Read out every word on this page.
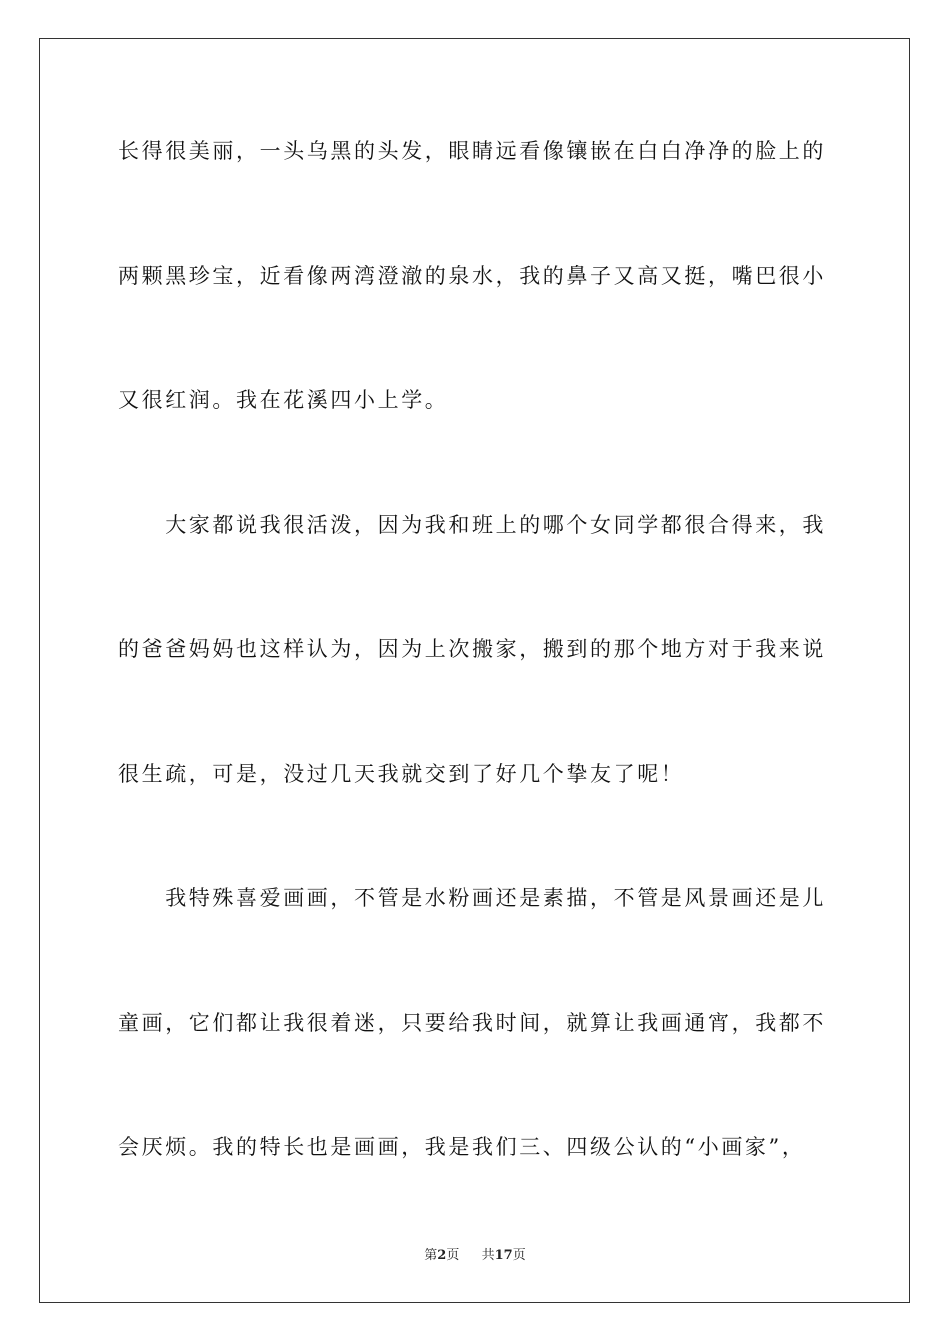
长得很美丽，一头乌黑的头发，眼睛远看像镶嵌在白白净净的脸上的
两颗黑珍宝，近看像两湾澄澈的泉水，我的鼻子又高又挺，嘴巴很小
又很红润。我在花溪四小上学。
　　大家都说我很活泼，因为我和班上的哪个女同学都很合得来，我
的爸爸妈妈也这样认为，因为上次搬家，搬到的那个地方对于我来说
很生疏，可是，没过几天我就交到了好几个挚友了呢！
　　我特殊喜爱画画，不管是水粉画还是素描，不管是风景画还是儿
童画，它们都让我很着迷，只要给我时间，就算让我画通宵，我都不
会厌烦。我的特长也是画画，我是我们三、四级公认的“小画家”，
第2页 共17页
